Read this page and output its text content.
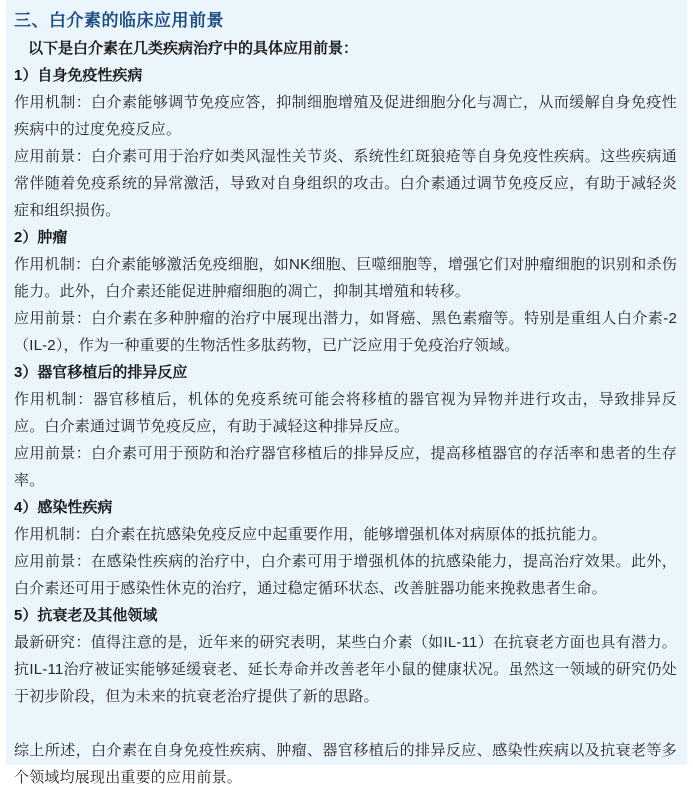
三、白介素的临床应用前景

以下是白介素在几类疾病治疗中的具体应用前景：

1）自身免疫性疾病

作用机制：白介素能够调节免疫应答，抑制细胞增殖及促进细胞分化与凋亡，从而缓解自身免疫性疾病中的过度免疫反应。

应用前景：白介素可用于治疗如类风湿性关节炎、系统性红斑狼疮等自身免疫性疾病。这些疾病通常伴随着免疫系统的异常激活，导致对自身组织的攻击。白介素通过调节免疫反应，有助于减轻炎症和组织损伤。

2）肿瘤

作用机制：白介素能够激活免疫细胞，如NK细胞、巨噬细胞等，增强它们对肿瘤细胞的识别和杀伤能力。此外，白介素还能促进肿瘤细胞的凋亡，抑制其增殖和转移。

应用前景：白介素在多种肿瘤的治疗中展现出潜力，如肾癌、黑色素瘤等。特别是重组人白介素-2（IL-2），作为一种重要的生物活性多肽药物，已广泛应用于免疫治疗领域。

3）器官移植后的排异反应

作用机制：器官移植后，机体的免疫系统可能会将移植的器官视为异物并进行攻击，导致排异反应。白介素通过调节免疫反应，有助于减轻这种排异反应。

应用前景：白介素可用于预防和治疗器官移植后的排异反应，提高移植器官的存活率和患者的生存率。

4）感染性疾病

作用机制：白介素在抗感染免疫反应中起重要作用，能够增强机体对病原体的抵抗能力。

应用前景：在感染性疾病的治疗中，白介素可用于增强机体的抗感染能力，提高治疗效果。此外，白介素还可用于感染性休克的治疗，通过稳定循环状态、改善脏器功能来挽救患者生命。

5）抗衰老及其他领域

最新研究：值得注意的是，近年来的研究表明，某些白介素（如IL-11）在抗衰老方面也具有潜力。抗IL-11治疗被证实能够延缓衰老、延长寿命并改善老年小鼠的健康状况。虽然这一领域的研究仍处于初步阶段，但为未来的抗衰老治疗提供了新的思路。

综上所述，白介素在自身免疫性疾病、肿瘤、器官移植后的排异反应、感染性疾病以及抗衰老等多个领域均展现出重要的应用前景。
